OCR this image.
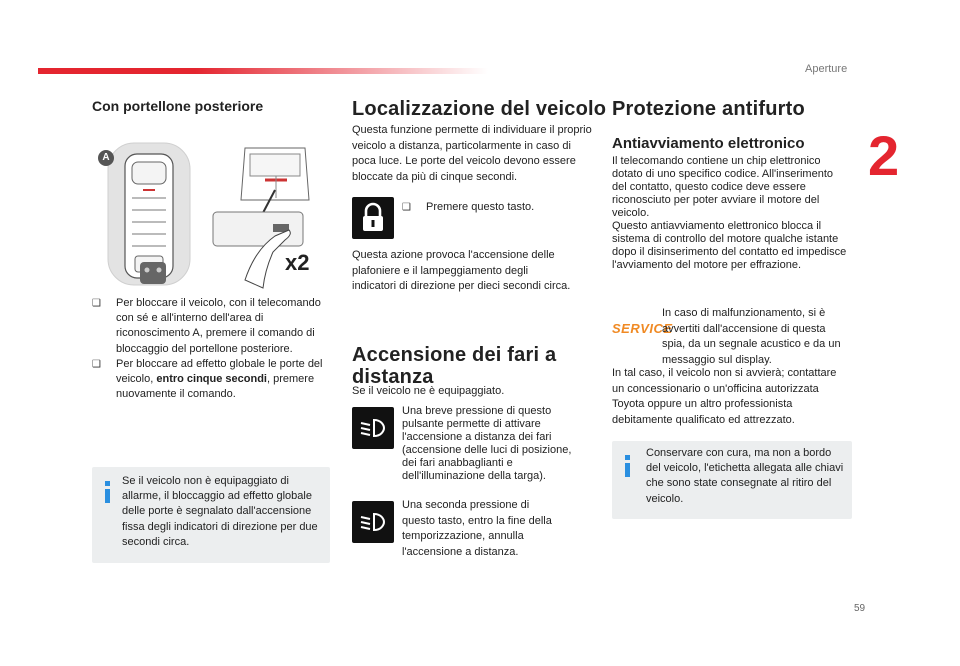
Aperture
2
59
Con portellone posteriore
A
x2
❑ Per bloccare il veicolo, con il telecomando con sé e all'interno dell'area di riconoscimento A, premere il comando di bloccaggio del portellone posteriore.
❑ Per bloccare ad effetto globale le porte del veicolo, entro cinque secondi, premere nuovamente il comando.
Se il veicolo non è equipaggiato di allarme, il bloccaggio ad effetto globale delle porte è segnalato dall'accensione fissa degli indicatori di direzione per due secondi circa.
Localizzazione del veicolo
Questa funzione permette di individuare il proprio veicolo a distanza, particolarmente in caso di poca luce. Le porte del veicolo devono essere bloccate da più di cinque secondi.
❑ Premere questo tasto.
Questa azione provoca l'accensione delle plafoniere e il lampeggiamento degli indicatori di direzione per dieci secondi circa.
Accensione dei fari a distanza
Se il veicolo ne è equipaggiato.
Una breve pressione di questo pulsante permette di attivare l'accensione a distanza dei fari (accensione delle luci di posizione, dei fari anabbaglianti e dell'illuminazione della targa).
Una seconda pressione di questo tasto, entro la fine della temporizzazione, annulla l'accensione a distanza.
Protezione antifurto
Antiavviamento elettronico
Il telecomando contiene un chip elettronico dotato di uno specifico codice. All'inserimento del contatto, questo codice deve essere riconosciuto per poter avviare il motore del veicolo.
Questo antiavviamento elettronico blocca il sistema di controllo del motore qualche istante dopo il disinserimento del contatto ed impedisce l'avviamento del motore per effrazione.
SERVICE
In caso di malfunzionamento, si è avvertiti dall'accensione di questa spia, da un segnale acustico e da un messaggio sul display.
In tal caso, il veicolo non si avvierà; contattare un concessionario o un'officina autorizzata Toyota oppure un altro professionista debitamente qualificato ed attrezzato.
Conservare con cura, ma non a bordo del veicolo, l'etichetta allegata alle chiavi che sono state consegnate al ritiro del veicolo.
